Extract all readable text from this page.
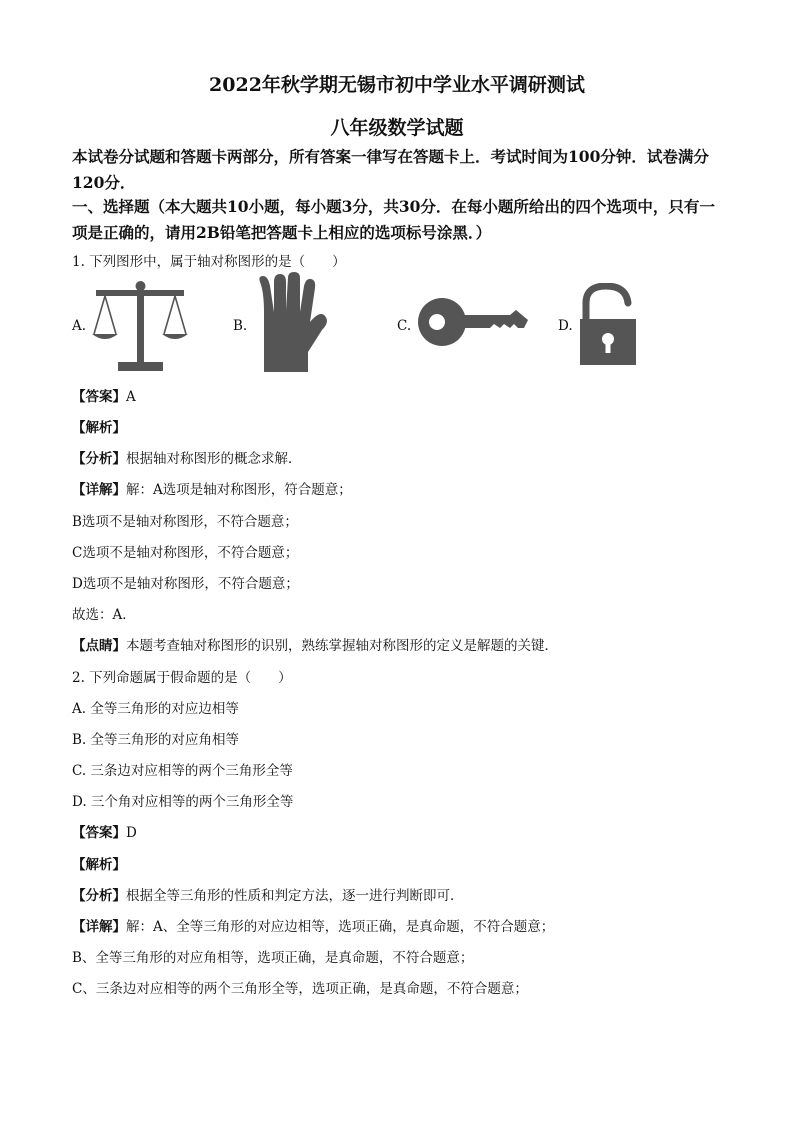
2022年秋学期无锡市初中学业水平调研测试
八年级数学试题
本试卷分试题和答题卡两部分，所有答案一律写在答题卡上．考试时间为100分钟．试卷满分120分．
一、选择题（本大题共10小题，每小题3分，共30分．在每小题所给出的四个选项中，只有一项是正确的，请用2B铅笔把答题卡上相应的选项标号涂黑．）
1. 下列图形中，属于轴对称图形的是（　　）
A.	B.	C.	D.
【答案】A
【解析】
【分析】根据轴对称图形的概念求解．
【详解】解：A选项是轴对称图形，符合题意；
B选项不是轴对称图形，不符合题意；
C选项不是轴对称图形，不符合题意；
D选项不是轴对称图形，不符合题意；
故选：A．
【点睛】本题考查轴对称图形的识别，熟练掌握轴对称图形的定义是解题的关键．
2. 下列命题属于假命题的是（　　）
A. 全等三角形的对应边相等
B. 全等三角形的对应角相等
C. 三条边对应相等的两个三角形全等
D. 三个角对应相等的两个三角形全等
【答案】D
【解析】
【分析】根据全等三角形的性质和判定方法，逐一进行判断即可．
【详解】解：A、全等三角形的对应边相等，选项正确，是真命题，不符合题意；
B、全等三角形的对应角相等，选项正确，是真命题，不符合题意；
C、三条边对应相等的两个三角形全等，选项正确，是真命题，不符合题意；
